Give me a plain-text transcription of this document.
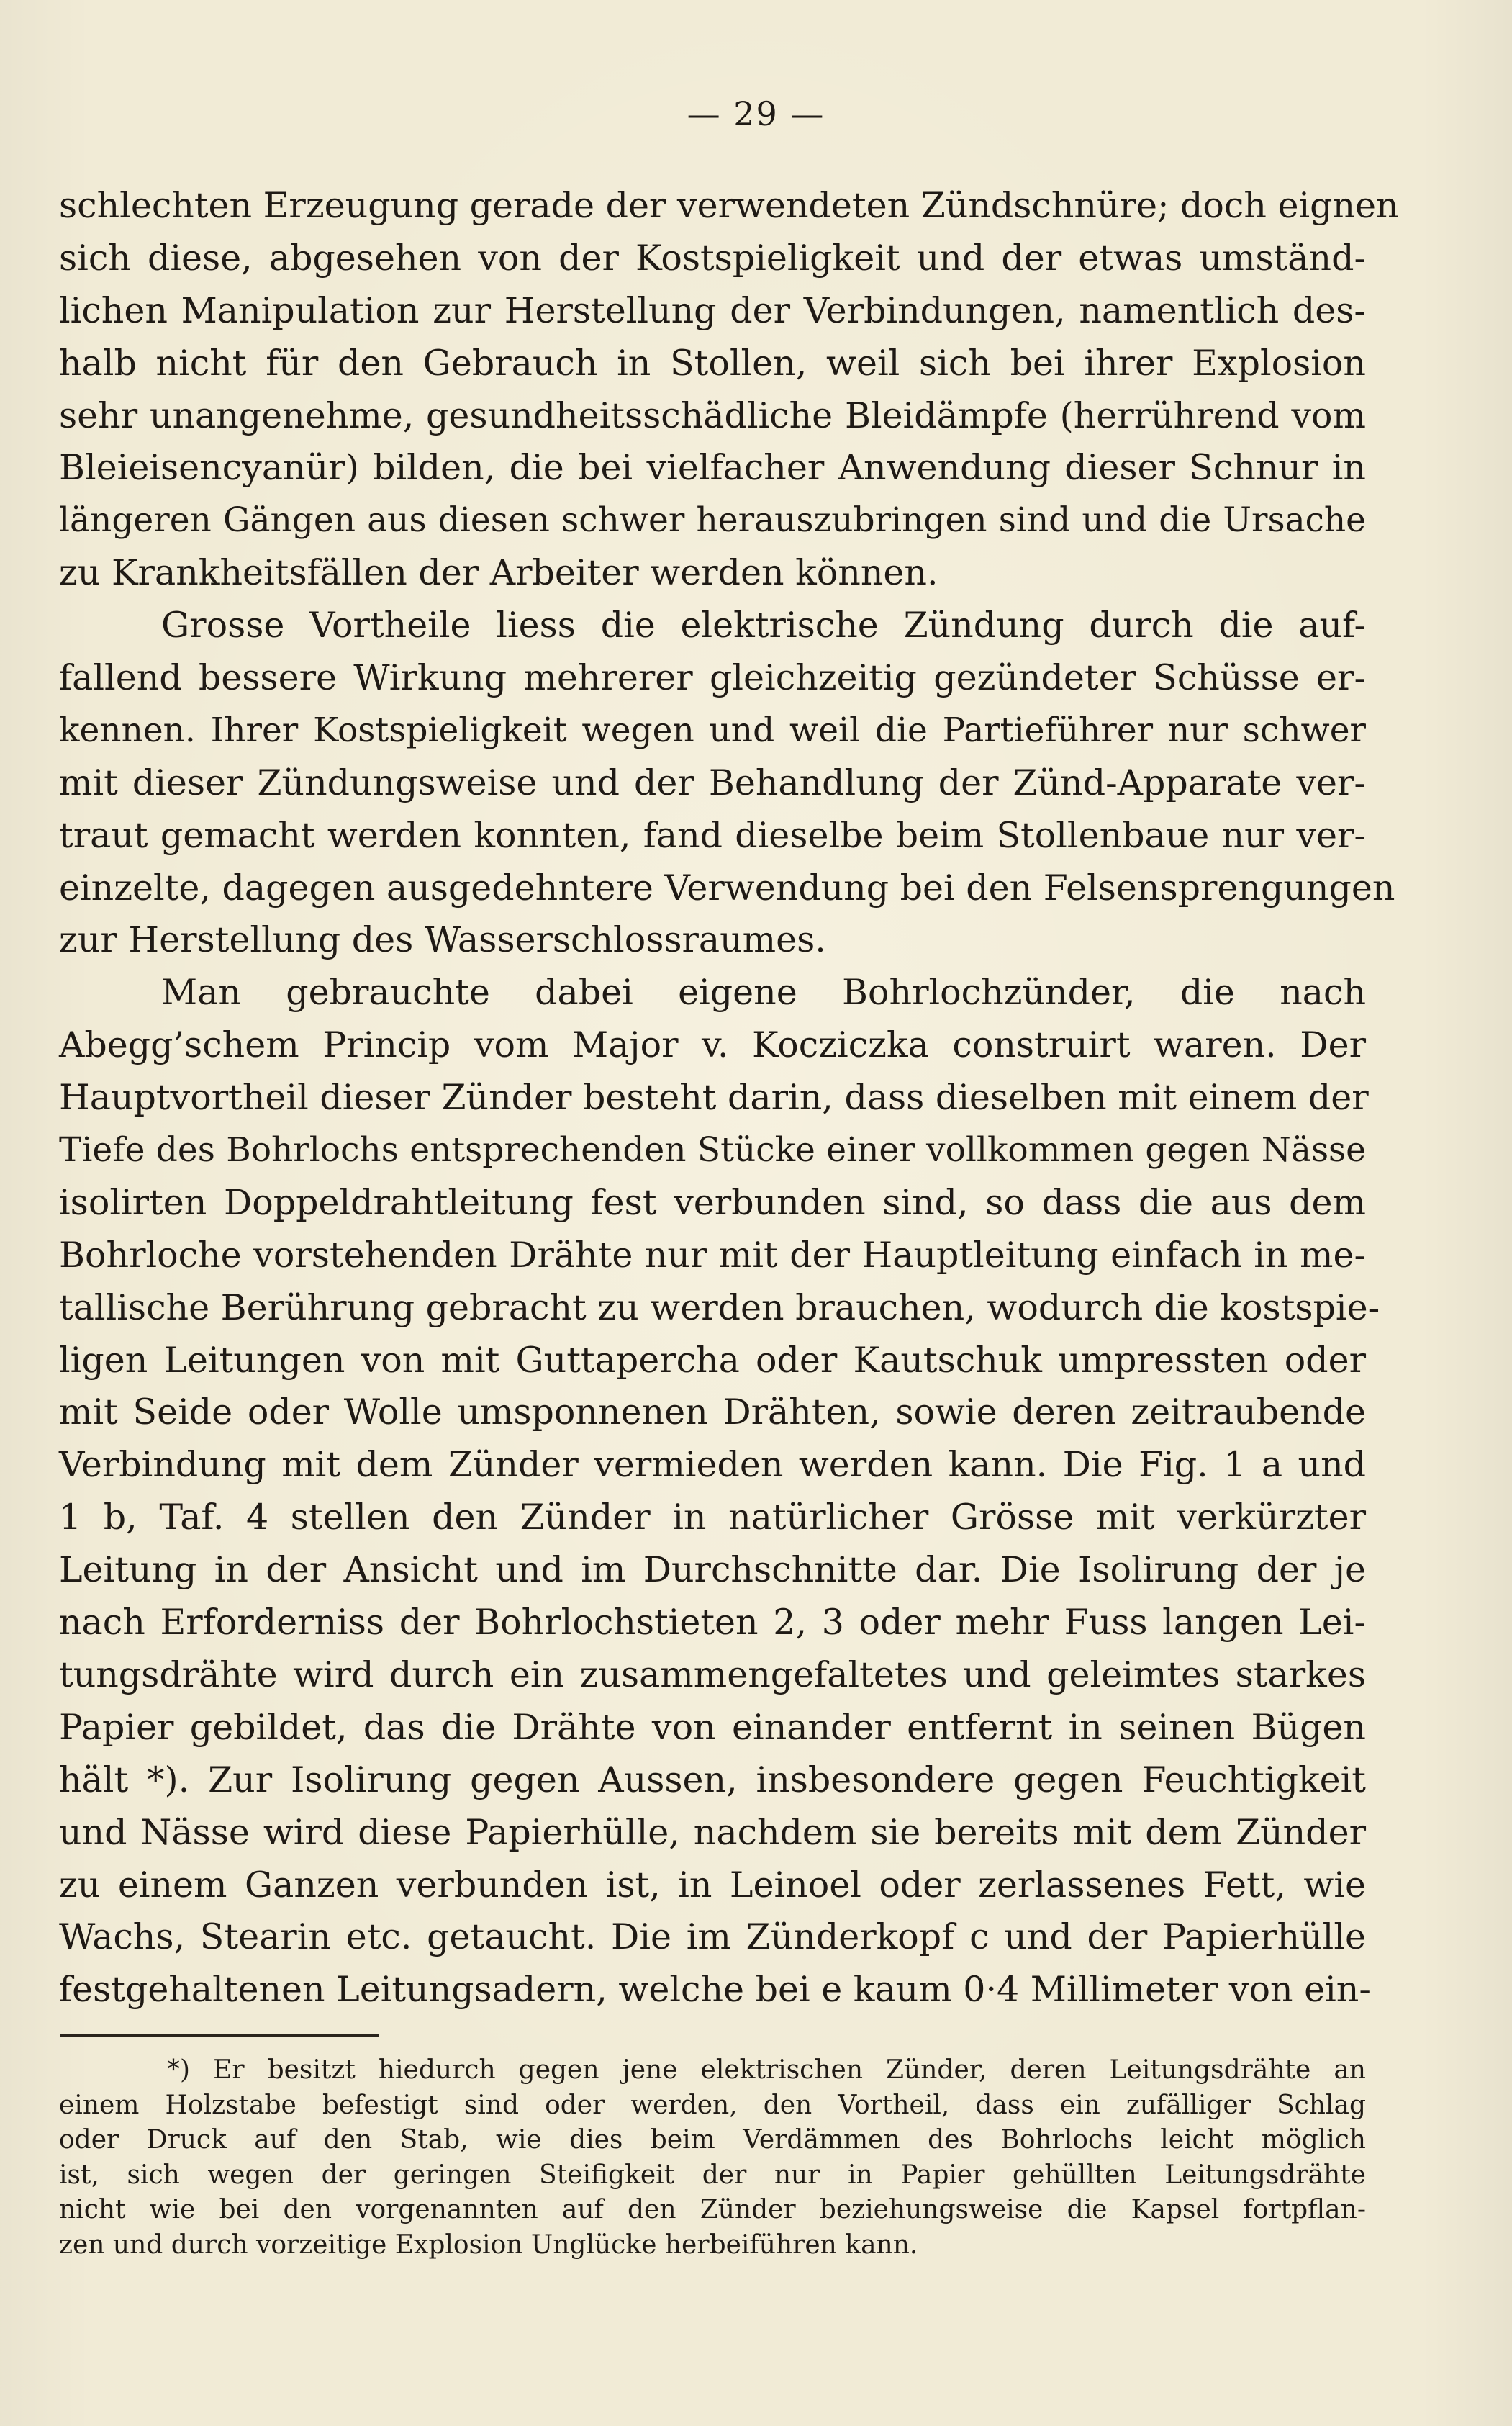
— 29 —
schlechten Erzeugung gerade der verwendeten Zündschnüre; doch eignen
sich diese, abgesehen von der Kostspieligkeit und der etwas umständ-
lichen Manipulation zur Herstellung der Verbindungen, namentlich des-
halb nicht für den Gebrauch in Stollen, weil sich bei ihrer Explosion
sehr unangenehme, gesundheitsschädliche Bleidämpfe (herrührend vom
Bleieisencyanür) bilden, die bei vielfacher Anwendung dieser Schnur in
längeren Gängen aus diesen schwer herauszubringen sind und die Ursache
zu Krankheitsfällen der Arbeiter werden können.
Grosse Vortheile liess die elektrische Zündung durch die auf-
fallend bessere Wirkung mehrerer gleichzeitig gezündeter Schüsse er-
kennen. Ihrer Kostspieligkeit wegen und weil die Partieführer nur schwer
mit dieser Zündungsweise und der Behandlung der Zünd-Apparate ver-
traut gemacht werden konnten, fand dieselbe beim Stollenbaue nur ver-
einzelte, dagegen ausgedehntere Verwendung bei den Felsensprengungen
zur Herstellung des Wasserschlossraumes.
Man gebrauchte dabei eigene Bohrlochzünder, die nach
Abegg’schem Princip vom Major v. Kocziczka construirt waren. Der
Hauptvortheil dieser Zünder besteht darin, dass dieselben mit einem der
Tiefe des Bohrlochs entsprechenden Stücke einer vollkommen gegen Nässe
isolirten Doppeldrahtleitung fest verbunden sind, so dass die aus dem
Bohrloche vorstehenden Drähte nur mit der Hauptleitung einfach in me-
tallische Berührung gebracht zu werden brauchen, wodurch die kostspie-
ligen Leitungen von mit Guttapercha oder Kautschuk umpressten oder
mit Seide oder Wolle umsponnenen Drähten, sowie deren zeitraubende
Verbindung mit dem Zünder vermieden werden kann. Die Fig. 1 a und
1 b, Taf. 4 stellen den Zünder in natürlicher Grösse mit verkürzter
Leitung in der Ansicht und im Durchschnitte dar. Die Isolirung der je
nach Erforderniss der Bohrlochstieten 2, 3 oder mehr Fuss langen Lei-
tungsdrähte wird durch ein zusammengefaltetes und geleimtes starkes
Papier gebildet, das die Drähte von einander entfernt in seinen Bügen
hält *). Zur Isolirung gegen Aussen, insbesondere gegen Feuchtigkeit
und Nässe wird diese Papierhülle, nachdem sie bereits mit dem Zünder
zu einem Ganzen verbunden ist, in Leinoel oder zerlassenes Fett, wie
Wachs, Stearin etc. getaucht. Die im Zünderkopf c und der Papierhülle
festgehaltenen Leitungsadern, welche bei e kaum 0·4 Millimeter von ein-
*) Er besitzt hiedurch gegen jene elektrischen Zünder, deren Leitungsdrähte an
einem Holzstabe befestigt sind oder werden, den Vortheil, dass ein zufälliger Schlag
oder Druck auf den Stab, wie dies beim Verdämmen des Bohrlochs leicht möglich
ist, sich wegen der geringen Steifigkeit der nur in Papier gehüllten Leitungsdrähte
nicht wie bei den vorgenannten auf den Zünder beziehungsweise die Kapsel fortpflan-
zen und durch vorzeitige Explosion Unglücke herbeiführen kann.
